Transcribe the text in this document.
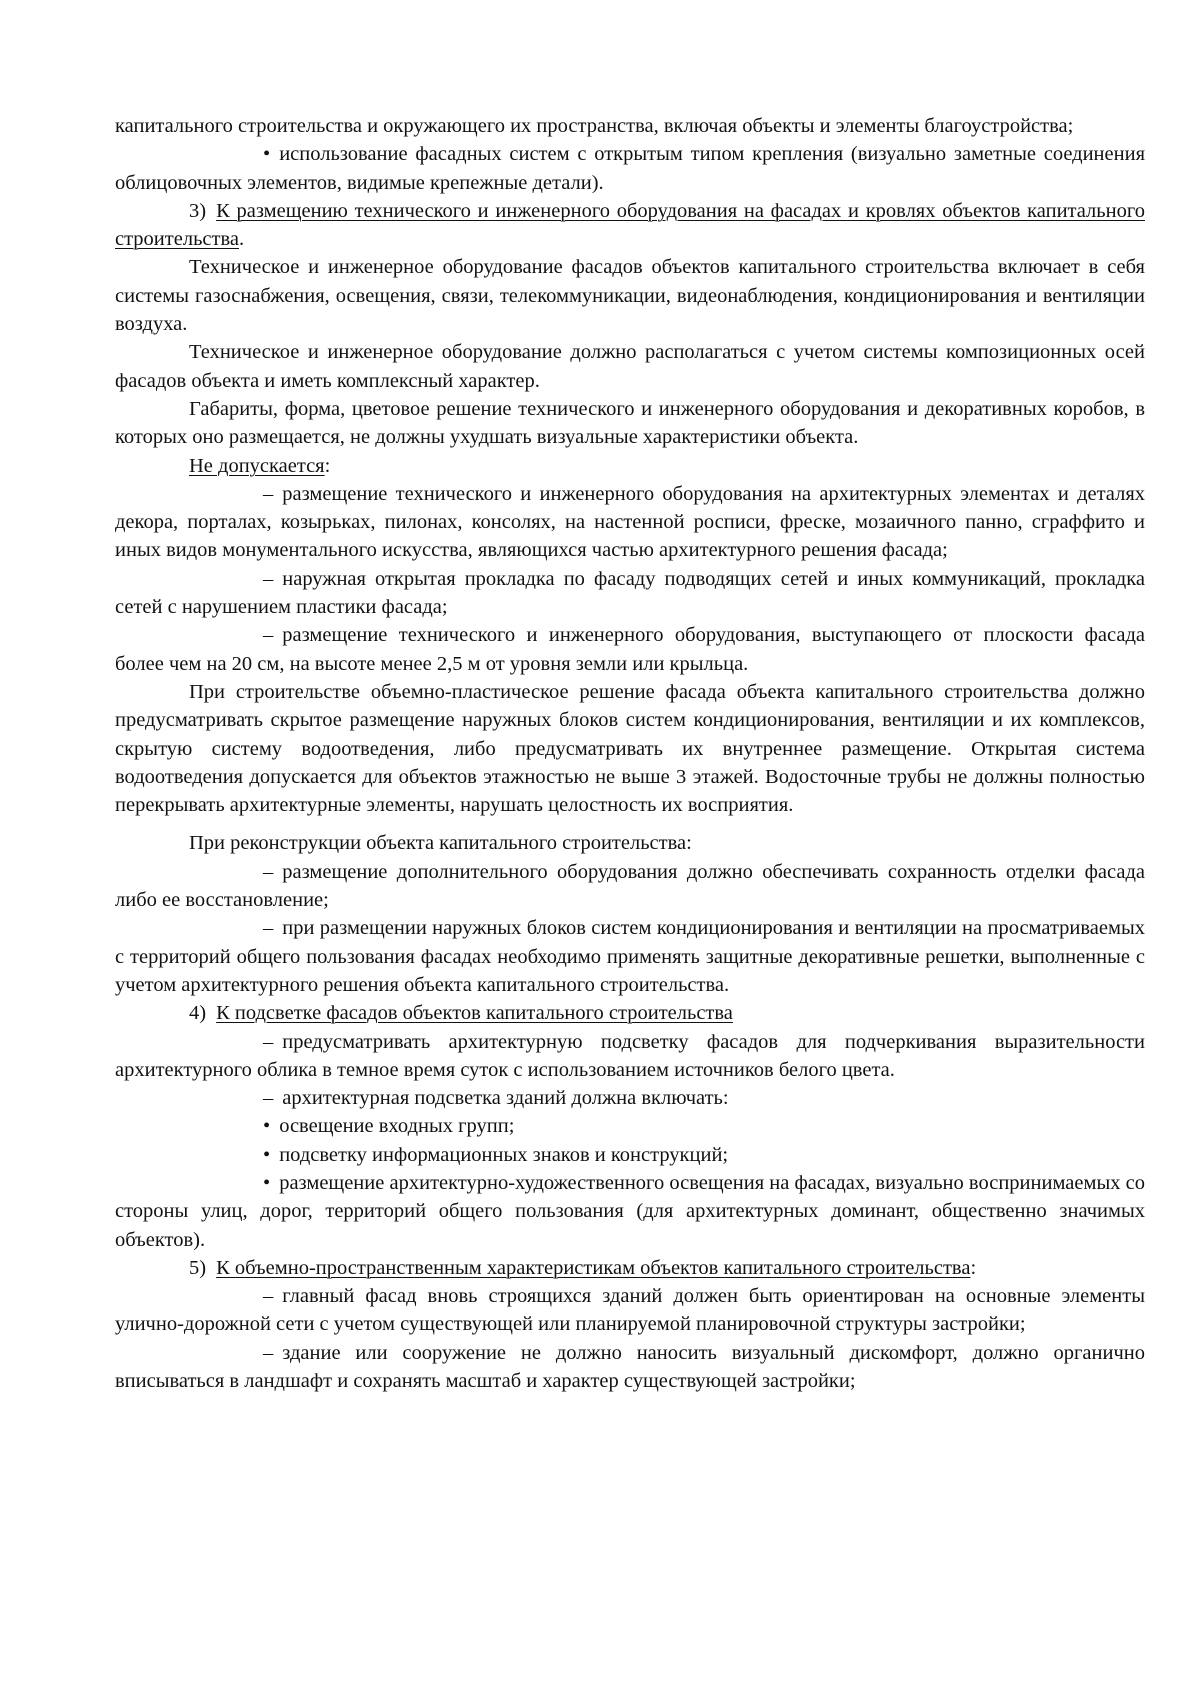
капитального строительства и окружающего их пространства, включая объекты и элементы благоустройства;

• использование фасадных систем с открытым типом крепления (визуально заметные соединения облицовочных элементов, видимые крепежные детали).

3) К размещению технического и инженерного оборудования на фасадах и кровлях объектов капитального строительства.

Техническое и инженерное оборудование фасадов объектов капитального строительства включает в себя системы газоснабжения, освещения, связи, телекоммуникации, видеонаблюдения, кондиционирования и вентиляции воздуха.

Техническое и инженерное оборудование должно располагаться с учетом системы композиционных осей фасадов объекта и иметь комплексный характер.

Габариты, форма, цветовое решение технического и инженерного оборудования и декоративных коробов, в которых оно размещается, не должны ухудшать визуальные характеристики объекта.

Не допускается:

– размещение технического и инженерного оборудования на архитектурных элементах и деталях декора, порталах, козырьках, пилонах, консолях, на настенной росписи, фреске, мозаичного панно, сграффито и иных видов монументального искусства, являющихся частью архитектурного решения фасада;

– наружная открытая прокладка по фасаду подводящих сетей и иных коммуникаций, прокладка сетей с нарушением пластики фасада;

– размещение технического и инженерного оборудования, выступающего от плоскости фасада более чем на 20 см, на высоте менее 2,5 м от уровня земли или крыльца.

При строительстве объемно-пластическое решение фасада объекта капитального строительства должно предусматривать скрытое размещение наружных блоков систем кондиционирования, вентиляции и их комплексов, скрытую систему водоотведения, либо предусматривать их внутреннее размещение. Открытая система водоотведения допускается для объектов этажностью не выше 3 этажей. Водосточные трубы не должны полностью перекрывать архитектурные элементы, нарушать целостность их восприятия.

При реконструкции объекта капитального строительства:

– размещение дополнительного оборудования должно обеспечивать сохранность отделки фасада либо ее восстановление;

– при размещении наружных блоков систем кондиционирования и вентиляции на просматриваемых с территорий общего пользования фасадах необходимо применять защитные декоративные решетки, выполненные с учетом архитектурного решения объекта капитального строительства.

4) К подсветке фасадов объектов капитального строительства

– предусматривать архитектурную подсветку фасадов для подчеркивания выразительности архитектурного облика в темное время суток с использованием источников белого цвета.

– архитектурная подсветка зданий должна включать:

• освещение входных групп;

• подсветку информационных знаков и конструкций;

• размещение архитектурно-художественного освещения на фасадах, визуально воспринимаемых со стороны улиц, дорог, территорий общего пользования (для архитектурных доминант, общественно значимых объектов).

5) К объемно-пространственным характеристикам объектов капитального строительства:

– главный фасад вновь строящихся зданий должен быть ориентирован на основные элементы улично-дорожной сети с учетом существующей или планируемой планировочной структуры застройки;

– здание или сооружение не должно наносить визуальный дискомфорт, должно органично вписываться в ландшафт и сохранять масштаб и характер существующей застройки;
